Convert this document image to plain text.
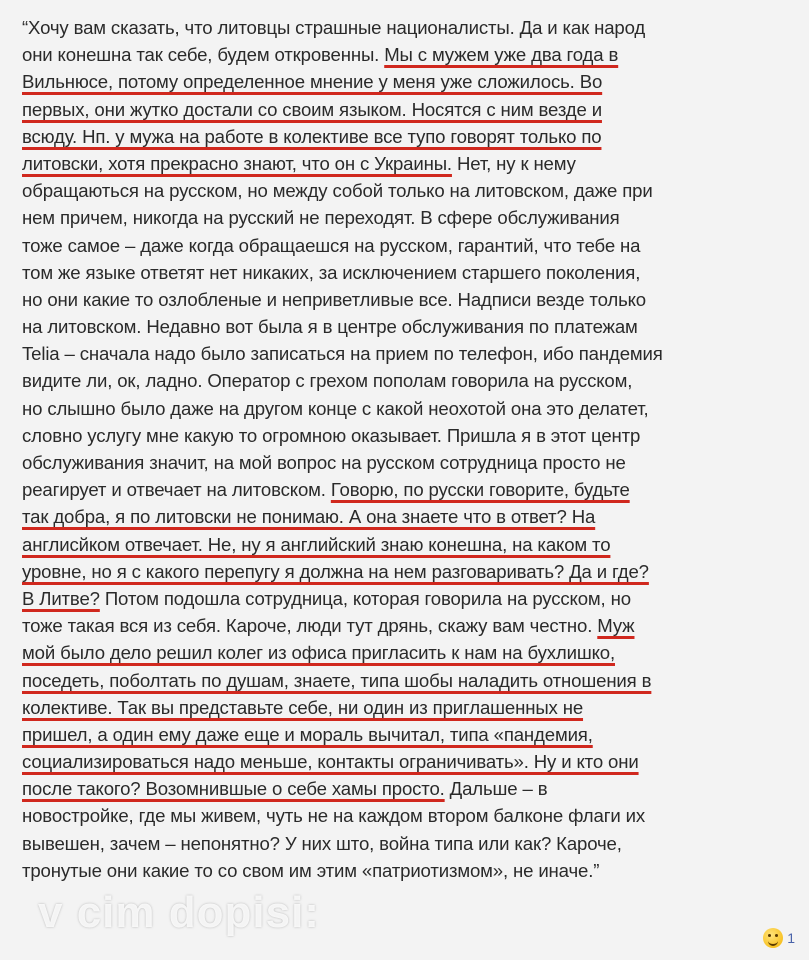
“Хочу вам сказать, что литовцы страшные националисты. Да и как народ
они конешна так себе, будем откровенны. Мы с мужем уже два года в
Вильнюсе, потому определенное мнение у меня уже сложилось. Во
первых, они жутко достали со своим языком. Носятся с ним везде и
всюду. Нп. у мужа на работе в колективе все тупо говорят только по
литовски, хотя прекрасно знают, что он с Украины. Нет, ну к нему
обращаються на русском, но между собой только на литовском, даже при
нем причем, никогда на русский не переходят. В сфере обслуживания
тоже самое – даже когда обращаешся на русском, гарантий, что тебе на
том же языке ответят нет никаких, за исключением старшего поколения,
но они какие то озлобленые и неприветливые все. Надписи везде только
на литовском. Недавно вот была я в центре обслуживания по платежам
Telia – сначала надо было записаться на прием по телефон, ибо пандемия
видите ли, ок, ладно. Оператор с грехом пополам говорила на русском,
но слышно было даже на другом конце с какой неохотой она это делатет,
словно услугу мне какую то огромною оказывает. Пришла я в этот центр
обслуживания значит, на мой вопрос на русском сотрудница просто не
реагирует и отвечает на литовском. Говорю, по русски говорите, будьте
так добра, я по литовски не понимаю. А она знаете что в ответ? На
англисйком отвечает. Не, ну я английский знаю конешна, на каком то
уровне, но я с какого перепугу я должна на нем разговаривать? Да и где?
В Литве? Потом подошла сотрудница, которая говорила на русском, но
тоже такая вся из себя. Кароче, люди тут дрянь, скажу вам честно. Муж
мой было дело решил колег из офиса пригласить к нам на бухлишко,
поседеть, поболтать по душам, знаете, типа шобы наладить отношения в
колективе. Так вы представьте себе, ни один из приглашенных не
пришел, а один ему даже еще и мораль вычитал, типа «пандемия,
социализироваться надо меньше, контакты ограничивать». Ну и кто они
после такого? Возомнившые о себе хамы просто. Дальше – в
новостройке, где мы живем, чуть не на каждом втором балконе флаги их
вывешен, зачем – непонятно? У них што, война типа или как? Кароче,
тронутые они какие то со свом им этим «патриотизмом», не иначе.”
v cim dopisi:
1
